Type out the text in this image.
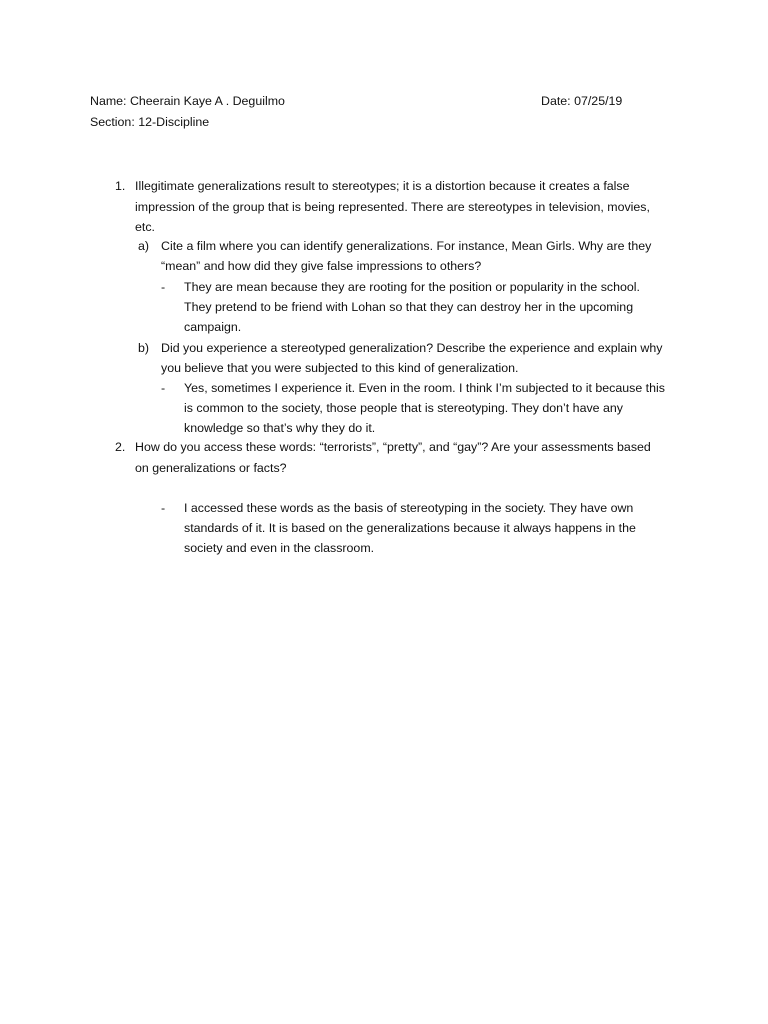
Name: Cheerain Kaye A . Deguilmo	Date: 07/25/19
Section: 12-Discipline
1. Illegitimate generalizations result to stereotypes; it is a distortion because it creates a false
impression of the group that is being represented. There are stereotypes in television, movies,
etc.
a) Cite a film where you can identify generalizations. For instance, Mean Girls. Why are they
“mean” and how did they give false impressions to others?
- They are mean because they are rooting for the position or popularity in the school.
They pretend to be friend with Lohan so that they can destroy her in the upcoming
campaign.
b) Did you experience a stereotyped generalization? Describe the experience and explain why
you believe that you were subjected to this kind of generalization.
- Yes, sometimes I experience it. Even in the room. I think I’m subjected to it because this
is common to the society, those people that is stereotyping. They don’t have any
knowledge so that’s why they do it.
2. How do you access these words: “terrorists”, “pretty”, and “gay”? Are your assessments based
on generalizations or facts?
- I accessed these words as the basis of stereotyping in the society. They have own
standards of it. It is based on the generalizations because it always happens in the
society and even in the classroom.
